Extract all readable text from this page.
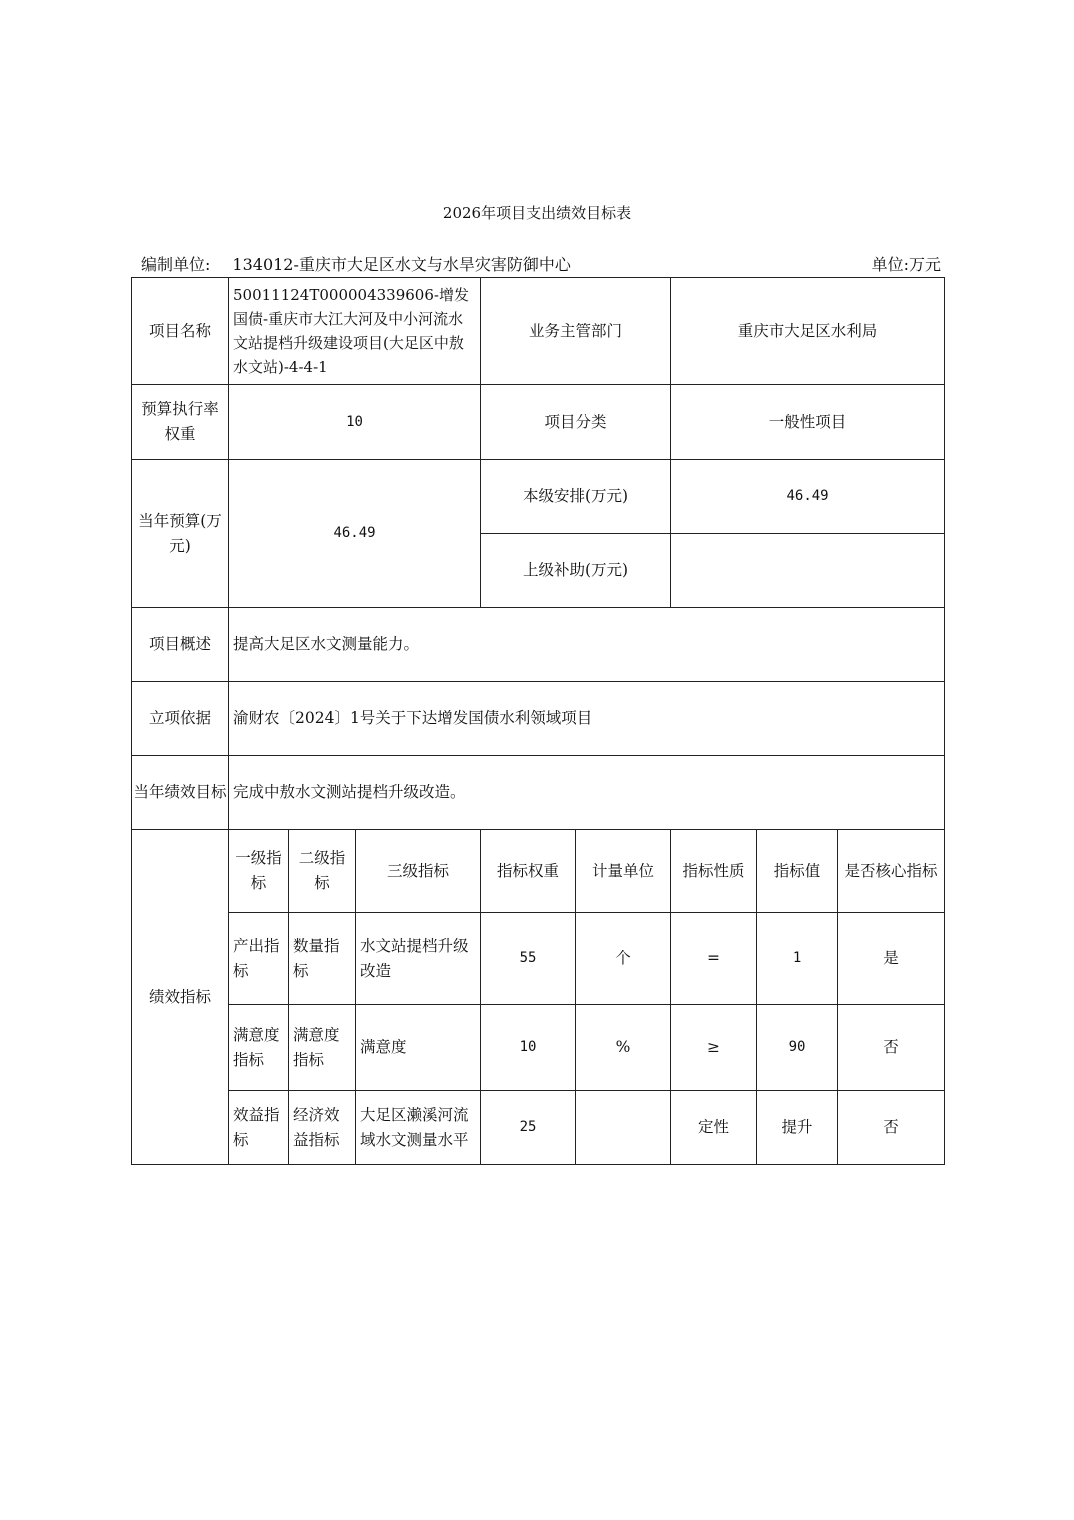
2026年项目支出绩效目标表
编制单位: 134012-重庆市大足区水文与水旱灾害防御中心	单位:万元
项目名称	50011124T000004339606-增发国债-重庆市大江大河及中小河流水文站提档升级建设项目(大足区中敖水文站)-4-4-1			业务主管部门		重庆市大足区水利局		
预算执行率权重	10			项目分类		一般性项目		
当年预算(万元)	46.49			本级安排(万元)		46.49		
				上级补助(万元)				
项目概述	提高大足区水文测量能力。							
立项依据	渝财农〔2024〕1号关于下达增发国债水利领域项目							
当年绩效目标	完成中敖水文测站提档升级改造。							
绩效指标	一级指标	二级指标	三级指标	指标权重	计量单位	指标性质	指标值	是否核心指标
	产出指标	数量指标	水文站提档升级改造	55	个	=	1	是
	满意度指标	满意度指标	满意度	10	%	≥	90	否
	效益指标	经济效益指标	大足区濑溪河流域水文测量水平	25		定性	提升	否
